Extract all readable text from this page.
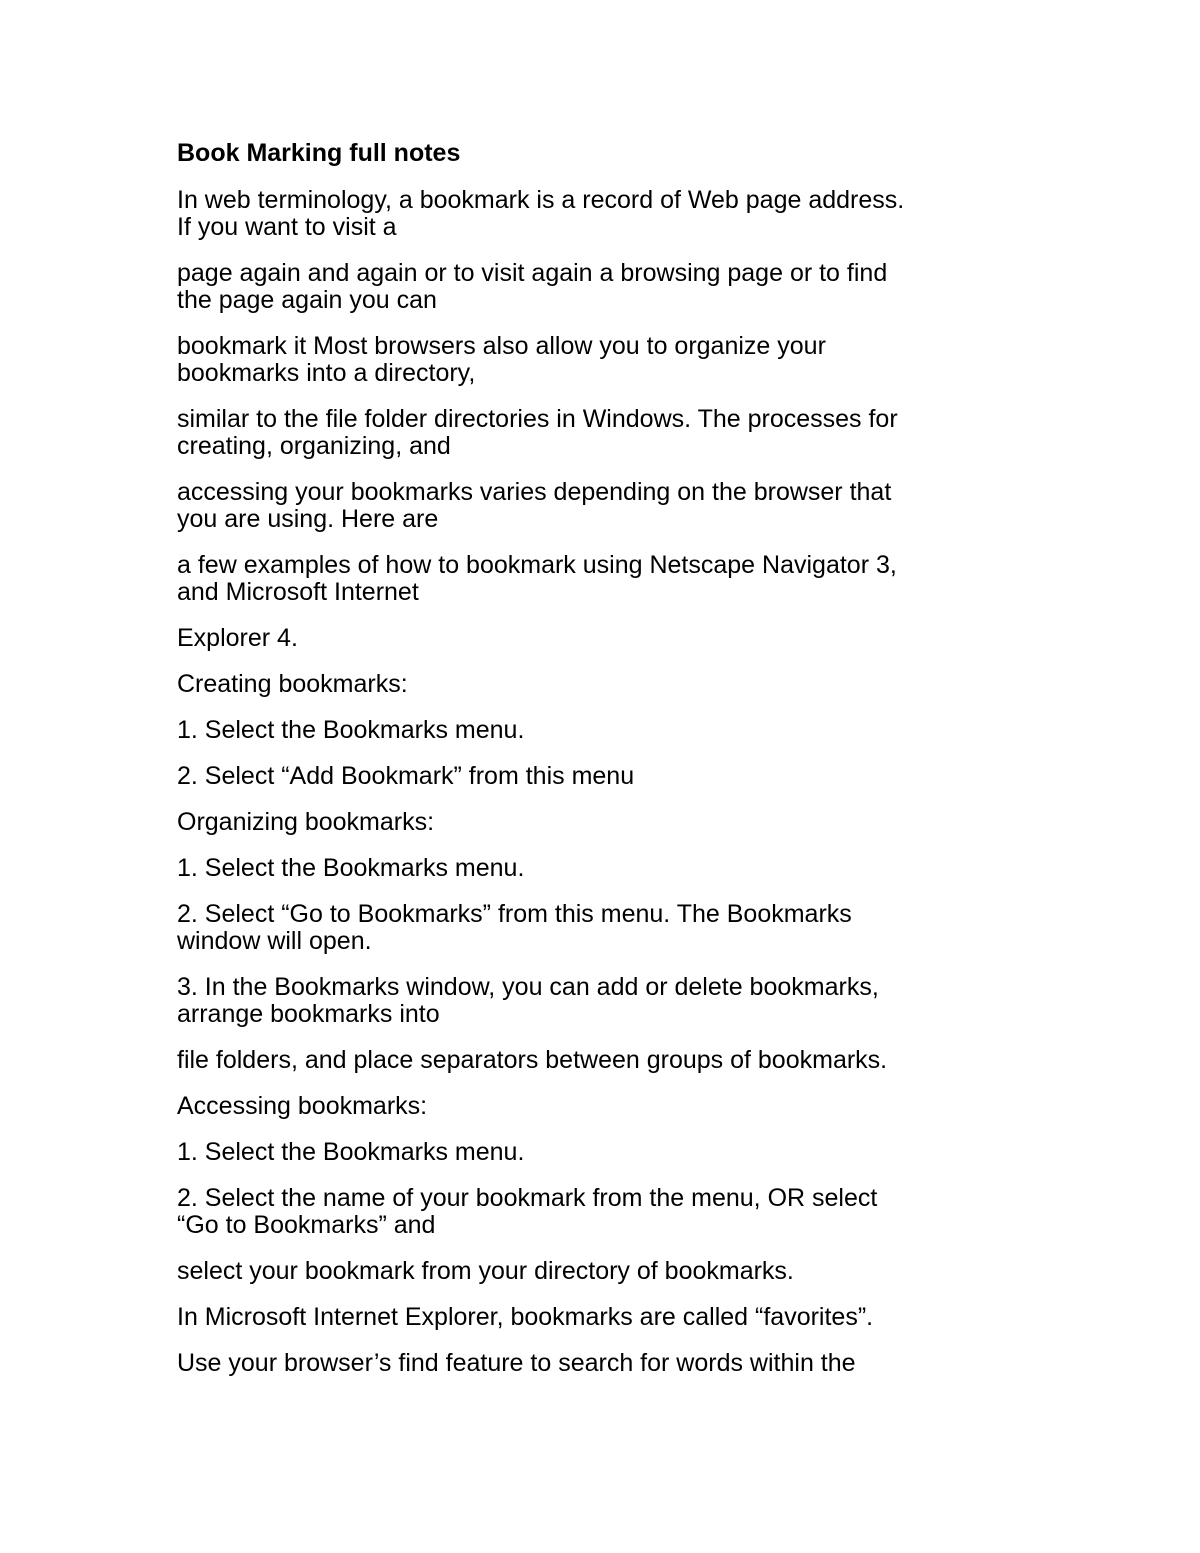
Book Marking full notes
In web terminology, a bookmark is a record of Web page address.
If you want to visit a
page again and again or to visit again a browsing page or to find
the page again you can
bookmark it Most browsers also allow you to organize your
bookmarks into a directory,
similar to the file folder directories in Windows. The processes for
creating, organizing, and
accessing your bookmarks varies depending on the browser that
you are using. Here are
a few examples of how to bookmark using Netscape Navigator 3,
and Microsoft Internet
Explorer 4.
Creating bookmarks:
1. Select the Bookmarks menu.
2. Select “Add Bookmark” from this menu
Organizing bookmarks:
1. Select the Bookmarks menu.
2. Select “Go to Bookmarks” from this menu. The Bookmarks
window will open.
3. In the Bookmarks window, you can add or delete bookmarks,
arrange bookmarks into
file folders, and place separators between groups of bookmarks.
Accessing bookmarks:
1. Select the Bookmarks menu.
2. Select the name of your bookmark from the menu, OR select
“Go to Bookmarks” and
select your bookmark from your directory of bookmarks.
In Microsoft Internet Explorer, bookmarks are called “favorites”.
Use your browser’s find feature to search for words within the
